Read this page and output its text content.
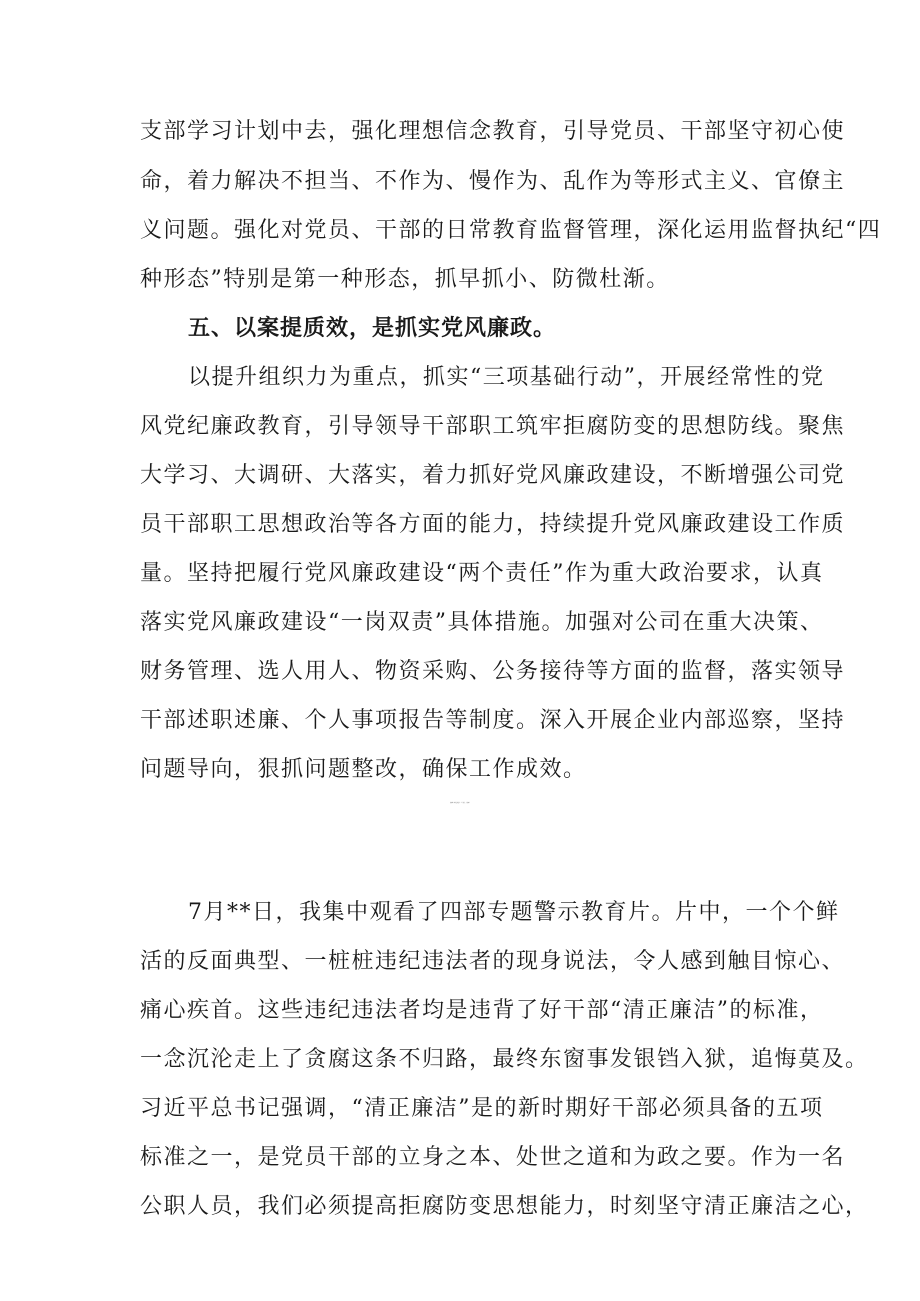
支部学习计划中去，强化理想信念教育，引导党员、干部坚守初心使
命，着力解决不担当、不作为、慢作为、乱作为等形式主义、官僚主
义问题。强化对党员、干部的日常教育监督管理，深化运用监督执纪“四
种形态”特别是第一种形态，抓早抓小、防微杜渐。
五、以案提质效，是抓实党风廉政。
以提升组织力为重点，抓实“三项基础行动”，开展经常性的党
风党纪廉政教育，引导领导干部职工筑牢拒腐防变的思想防线。聚焦
大学习、大调研、大落实，着力抓好党风廉政建设，不断增强公司党
员干部职工思想政治等各方面的能力，持续提升党风廉政建设工作质
量。坚持把履行党风廉政建设“两个责任”作为重大政治要求，认真
落实党风廉政建设“一岗双责”具体措施。加强对公司在重大决策、
财务管理、选人用人、物资采购、公务接待等方面的监督，落实领导
干部述职述廉、个人事项报告等制度。深入开展企业内部巡察，坚持
问题导向，狠抓问题整改，确保工作成效。
廉政警示教育交流发言：坚守廉心，行廉致远
7月**日，我集中观看了四部专题警示教育片。片中，一个个鲜
活的反面典型、一桩桩违纪违法者的现身说法，令人感到触目惊心、
痛心疾首。这些违纪违法者均是违背了好干部“清正廉洁”的标准，
一念沉沦走上了贪腐这条不归路，最终东窗事发银铛入狱，追悔莫及。
习近平总书记强调，“清正廉洁”是的新时期好干部必须具备的五项
标准之一，是党员干部的立身之本、处世之道和为政之要。作为一名
公职人员，我们必须提高拒腐防变思想能力，时刻坚守清正廉洁之心，
